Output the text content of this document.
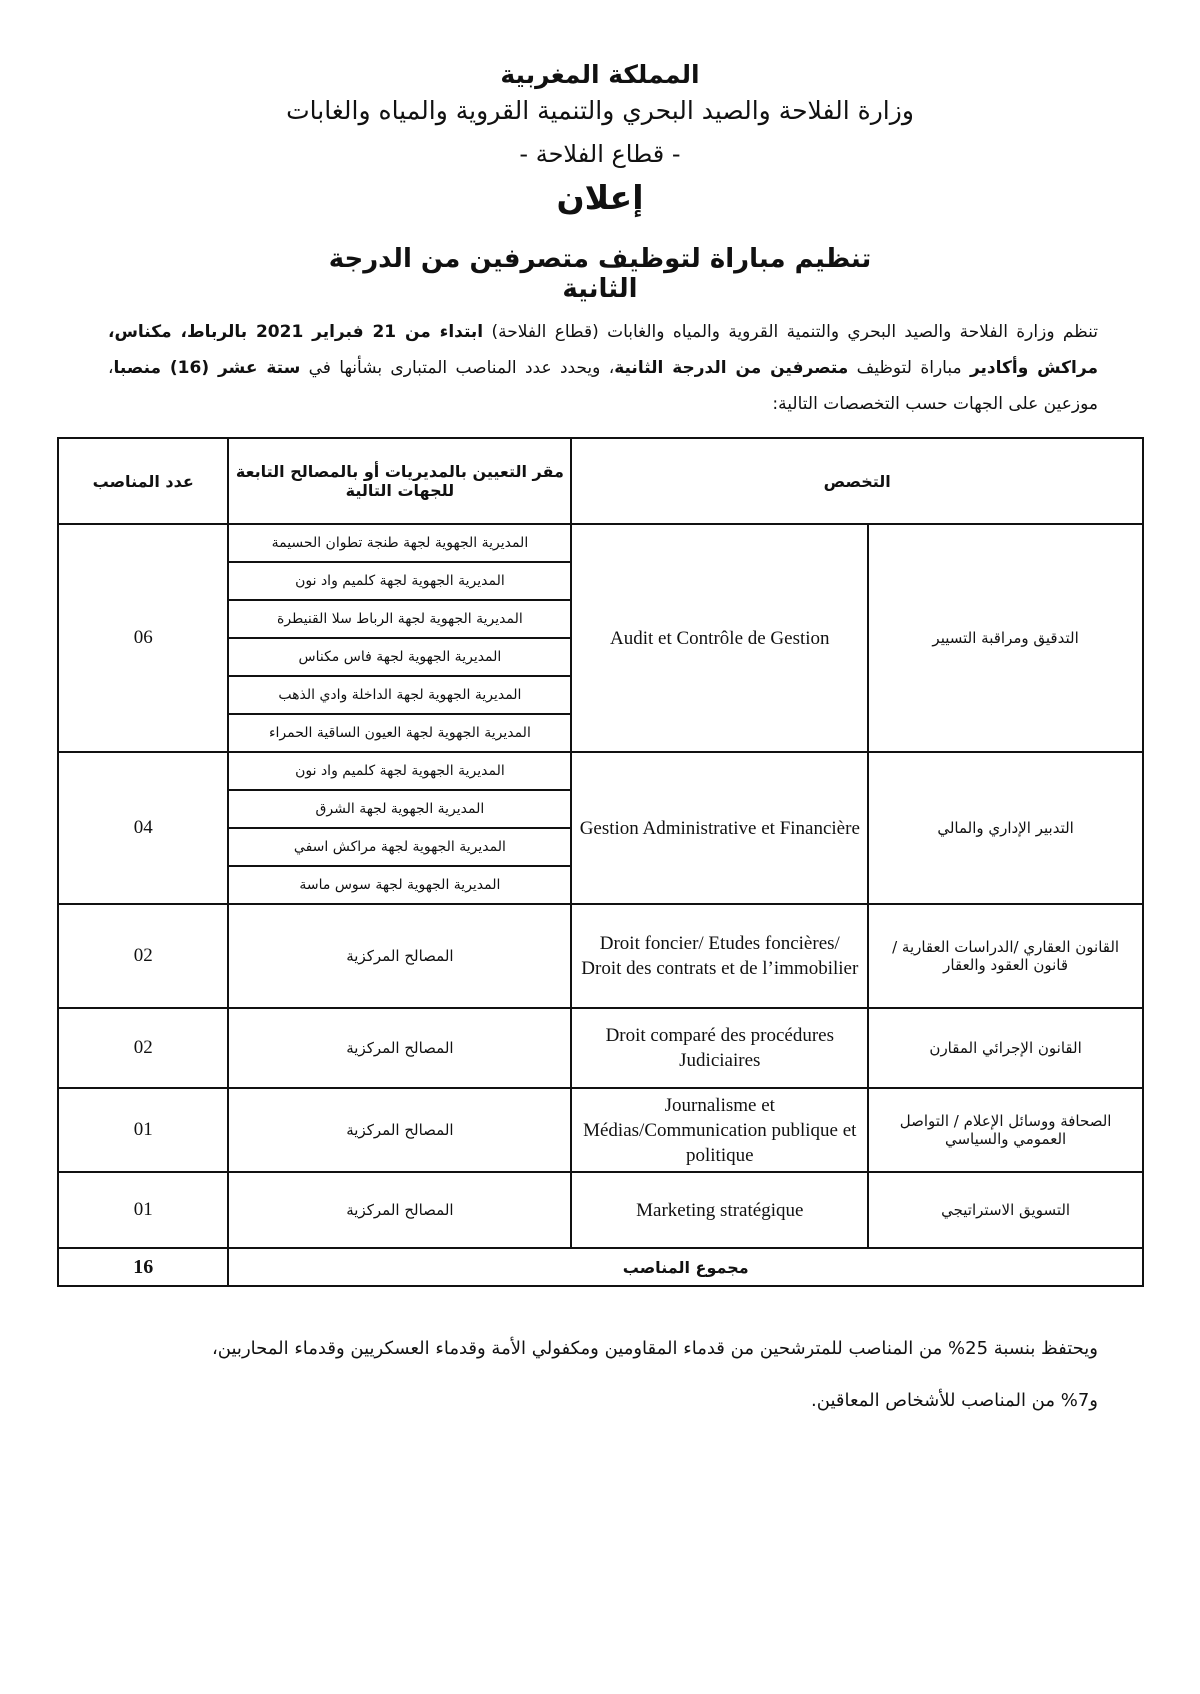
المملكة المغربية
وزارة الفلاحة والصيد البحري والتنمية القروية والمياه والغابات
- قطاع الفلاحة -
إعلان
تنظيم مباراة لتوظيف متصرفين من الدرجة الثانية
تنظم وزارة الفلاحة والصيد البحري والتنمية القروية والمياه والغابات (قطاع الفلاحة) ابتداء من 21 فبراير 2021 بالرباط، مكناس، مراكش وأكادير مباراة لتوظيف متصرفين من الدرجة الثانية، ويحدد عدد المناصب المتبارى بشأنها في ستة عشر (16) منصبا، موزعين على الجهات حسب التخصصات التالية:
التخصص		مقر التعيين بالمديريات أو بالمصالح التابعة للجهات التالية	عدد المناصب
التدقيق ومراقبة التسيير	Audit et Contrôle de Gestion	المديرية الجهوية لجهة طنجة تطوان الحسيمة	06
		المديرية الجهوية لجهة كلميم واد نون	
		المديرية الجهوية لجهة الرباط سلا القنيطرة	
		المديرية الجهوية لجهة فاس مكناس	
		المديرية الجهوية لجهة الداخلة وادي الذهب	
		المديرية الجهوية لجهة العيون الساقية الحمراء	
التدبير الإداري والمالي	Gestion Administrative et Financière	المديرية الجهوية لجهة كلميم واد نون	04
		المديرية الجهوية لجهة الشرق	
		المديرية الجهوية لجهة مراكش اسفي	
		المديرية الجهوية لجهة سوس ماسة	
القانون العقاري /الدراسات العقارية / قانون العقود والعقار	Droit foncier/ Etudes foncières/ Droit des contrats et de l’immobilier	المصالح المركزية	02
القانون الإجرائي المقارن	Droit comparé des procédures Judiciaires	المصالح المركزية	02
الصحافة ووسائل الإعلام / التواصل العمومي والسياسي	Journalisme et Médias/Communication publique et politique	المصالح المركزية	01
التسويق الاستراتيجي	Marketing stratégique	المصالح المركزية	01
مجموع المناصب			16
ويحتفظ بنسبة 25% من المناصب للمترشحين من قدماء المقاومين ومكفولي الأمة وقدماء العسكريين وقدماء المحاربين،
و7% من المناصب للأشخاص المعاقين.
